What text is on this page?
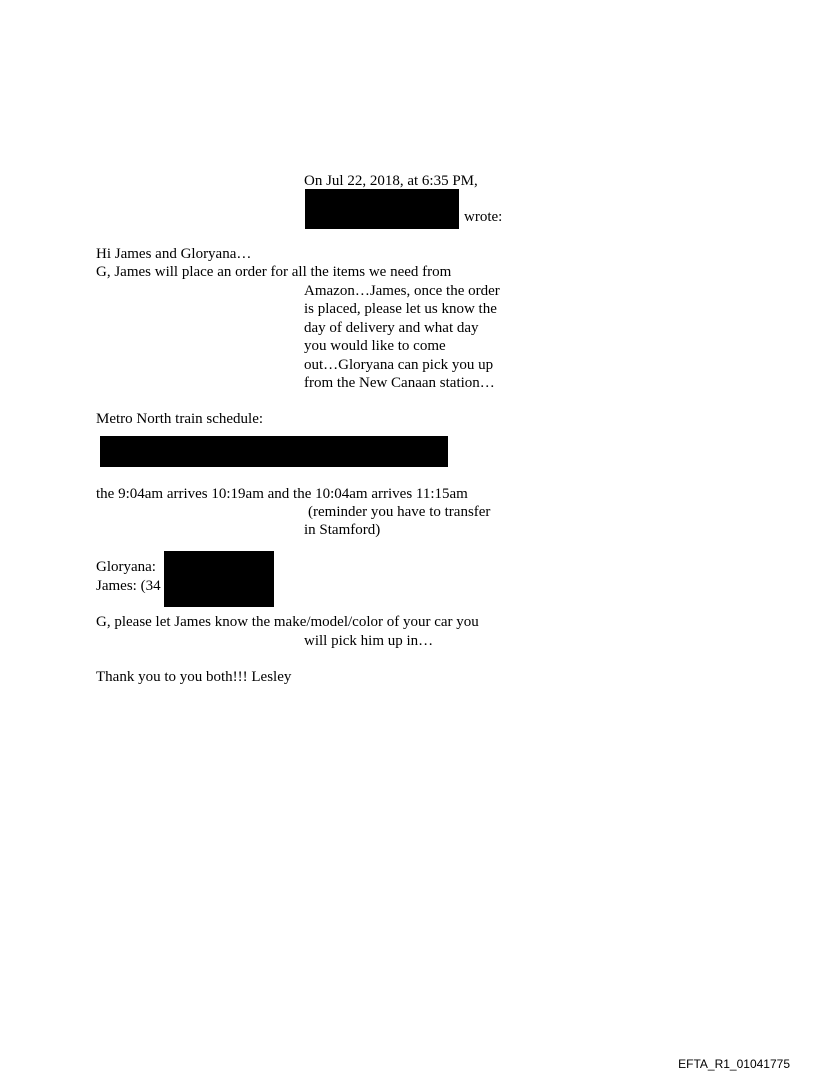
On Jul 22, 2018, at 6:35 PM,
wrote:
Hi James and Gloryana…
G, James will place an order for all the items we need from
Amazon…James, once the order
is placed, please let us know the
day of delivery and what day
you would like to come
out…Gloryana can pick you up
from the New Canaan station…
Metro North train schedule:
the 9:04am arrives 10:19am and the 10:04am arrives 11:15am
(reminder you have to transfer
in Stamford)
Gloryana:
James: (34
G, please let James know the make/model/color of your car you
will pick him up in…
Thank you to you both!!! Lesley
EFTA_R1_01041775
